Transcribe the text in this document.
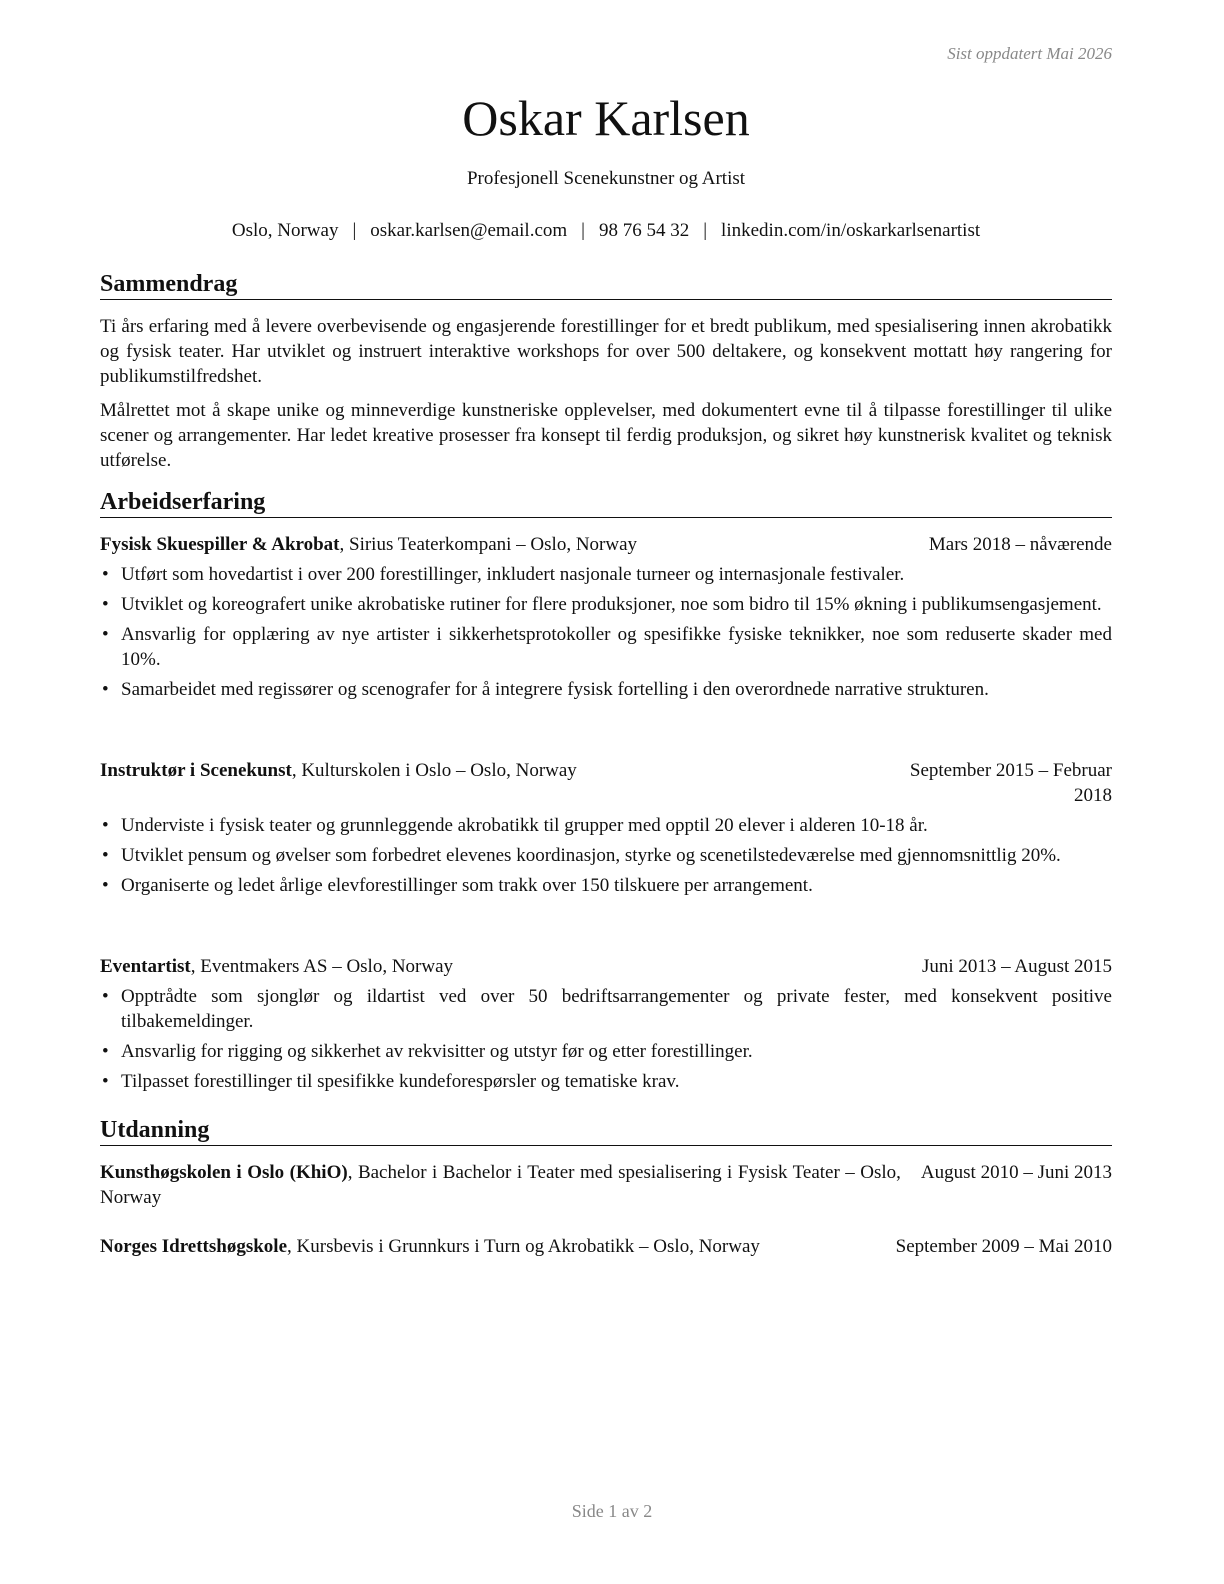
Sist oppdatert Mai 2026
Oskar Karlsen
Profesjonell Scenekunstner og Artist
Oslo, Norway | oskar.karlsen@email.com | 98 76 54 32 | linkedin.com/in/oskarkarlsenartist
Sammendrag

Ti års erfaring med å levere overbevisende og engasjerende forestillinger for et bredt publikum, med spesialisering innen akrobatikk og fysisk teater. Har utviklet og instruert interaktive workshops for over 500 deltakere, og konsekvent mottatt høy rangering for publikumstilfredshet.

Målrettet mot å skape unike og minneverdige kunstneriske opplevelser, med dokumentert evne til å tilpasse forestillinger til ulike scener og arrangementer. Har ledet kreative prosesser fra konsept til ferdig produksjon, og sikret høy kunstnerisk kvalitet og teknisk utførelse.

Arbeidserfaring
Fysisk Skuespiller & Akrobat, Sirius Teaterkompani – Oslo, Norway	Mars 2018 – nåværende
• Utført som hovedartist i over 200 forestillinger, inkludert nasjonale turneer og internasjonale festivaler.
• Utviklet og koreografert unike akrobatiske rutiner for flere produksjoner, noe som bidro til 15% økning i publikumsengasjement.
• Ansvarlig for opplæring av nye artister i sikkerhetsprotokoller og spesifikke fysiske teknikker, noe som reduserte skader med 10%.
• Samarbeidet med regissører og scenografer for å integrere fysisk fortelling i den overordnede narrative strukturen.
Instruktør i Scenekunst, Kulturskolen i Oslo – Oslo, Norway	September 2015 – Februar 2018
• Underviste i fysisk teater og grunnleggende akrobatikk til grupper med opptil 20 elever i alderen 10-18 år.
• Utviklet pensum og øvelser som forbedret elevenes koordinasjon, styrke og scenetilstedeværelse med gjennomsnittlig 20%.
• Organiserte og ledet årlige elevforestillinger som trakk over 150 tilskuere per arrangement.
Eventartist, Eventmakers AS – Oslo, Norway	Juni 2013 – August 2015
• Opptrådte som sjonglør og ildartist ved over 50 bedriftsarrangementer og private fester, med konsekvent positive tilbakemeldinger.
• Ansvarlig for rigging og sikkerhet av rekvisitter og utstyr før og etter forestillinger.
• Tilpasset forestillinger til spesifikke kundeforespørsler og tematiske krav.
Utdanning
Kunsthøgskolen i Oslo (KhiO), Bachelor i Bachelor i Teater med spesialisering i Fysisk Teater – Oslo, Norway
August 2010 – Juni 2013
Norges Idrettshøgskole, Kursbevis i Grunnkurs i Turn og Akrobatikk – Oslo, Norway	September 2009 – Mai 2010
Side 1 av 2
